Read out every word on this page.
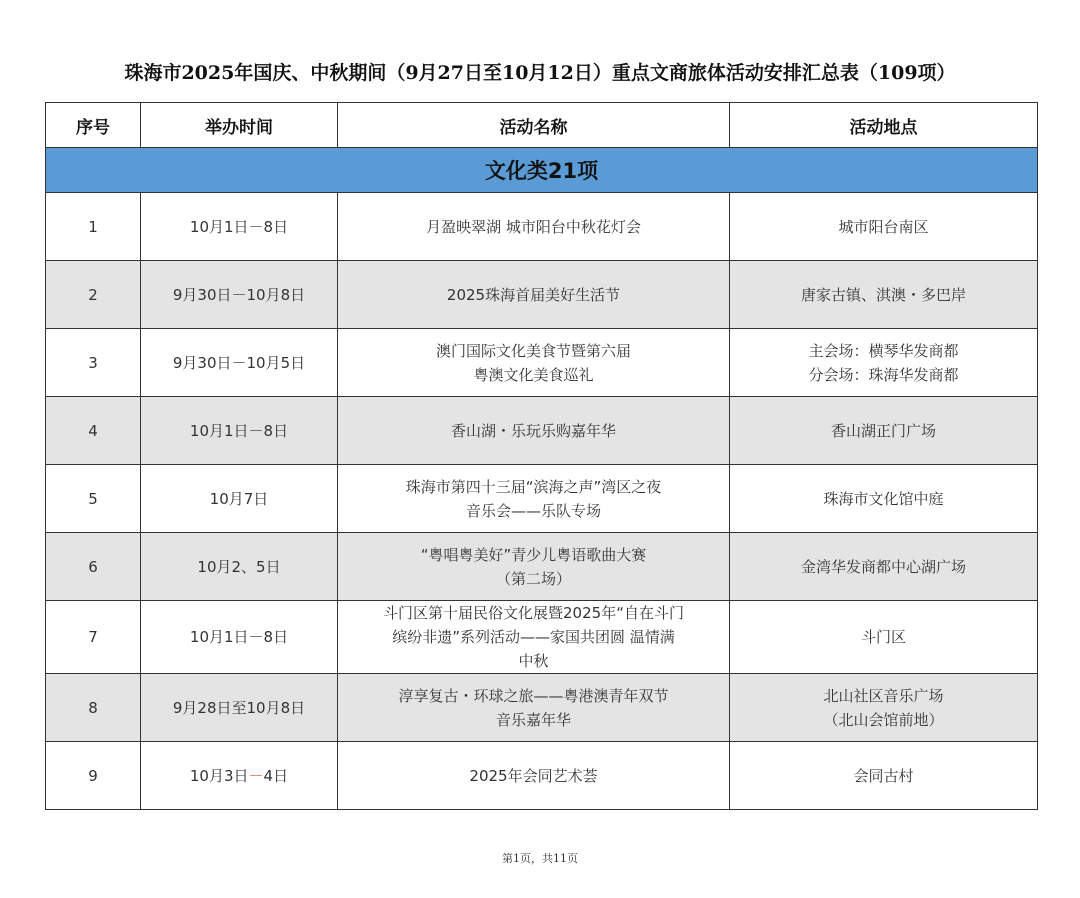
珠海市2025年国庆、中秋期间（9月27日至10月12日）重点文商旅体活动安排汇总表（109项）
序号	举办时间	活动名称	活动地点
文化类21项			
1	10月1日－8日	月盈映翠湖 城市阳台中秋花灯会	城市阳台南区

2	9月30日－10月8日	2025珠海首届美好生活节	唐家古镇、淇澳・多巴岸

3	9月30日－10月5日	澳门国际文化美食节暨第六届
粤澳文化美食巡礼	主会场：横琴华发商都
分会场：珠海华发商都

4	10月1日－8日	香山湖・乐玩乐购嘉年华	香山湖正门广场

5	10月7日	珠海市第四十三届“滨海之声”湾区之夜
音乐会——乐队专场	珠海市文化馆中庭

6	10月2、5日	“粤唱粤美好”青少儿粤语歌曲大赛
（第二场）	金湾华发商都中心湖广场

7	10月1日－8日	斗门区第十届民俗文化展暨2025年“自在斗门
缤纷非遗”系列活动——家国共团圆 温情满
中秋	斗门区

8	9月28日至10月8日	淳享复古・环球之旅——粤港澳青年双节
音乐嘉年华	北山社区音乐广场
（北山会馆前地）

9	10月3日－4日	2025年会同艺术荟	会同古村
第1页，共11页
